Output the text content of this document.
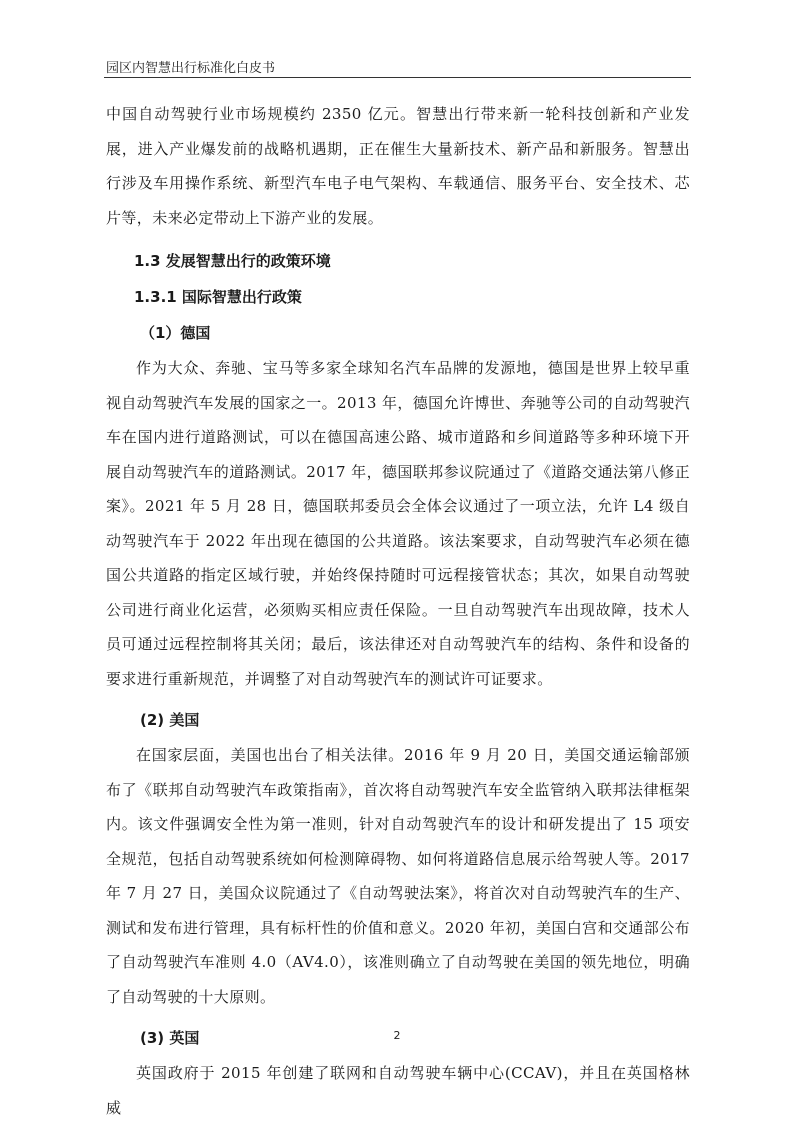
园区内智慧出行标准化白皮书

中国自动驾驶行业市场规模约 2350 亿元。智慧出行带来新一轮科技创新和产业发展，进入产业爆发前的战略机遇期，正在催生大量新技术、新产品和新服务。智慧出行涉及车用操作系统、新型汽车电子电气架构、车载通信、服务平台、安全技术、芯片等，未来必定带动上下游产业的发展。

1.3 发展智慧出行的政策环境
1.3.1 国际智慧出行政策
（1）德国

作为大众、奔驰、宝马等多家全球知名汽车品牌的发源地，德国是世界上较早重视自动驾驶汽车发展的国家之一。2013 年，德国允许博世、奔驰等公司的自动驾驶汽车在国内进行道路测试，可以在德国高速公路、城市道路和乡间道路等多种环境下开展自动驾驶汽车的道路测试。2017 年，德国联邦参议院通过了《道路交通法第八修正案》。2021 年 5 月 28 日，德国联邦委员会全体会议通过了一项立法，允许 L4 级自动驾驶汽车于 2022 年出现在德国的公共道路。该法案要求，自动驾驶汽车必须在德国公共道路的指定区域行驶，并始终保持随时可远程接管状态；其次，如果自动驾驶公司进行商业化运营，必须购买相应责任保险。一旦自动驾驶汽车出现故障，技术人员可通过远程控制将其关闭；最后，该法律还对自动驾驶汽车的结构、条件和设备的要求进行重新规范，并调整了对自动驾驶汽车的测试许可证要求。

(2) 美国

在国家层面，美国也出台了相关法律。2016 年 9 月 20 日，美国交通运输部颁布了《联邦自动驾驶汽车政策指南》，首次将自动驾驶汽车安全监管纳入联邦法律框架内。该文件强调安全性为第一准则，针对自动驾驶汽车的设计和研发提出了 15 项安全规范，包括自动驾驶系统如何检测障碍物、如何将道路信息展示给驾驶人等。2017 年 7 月 27 日，美国众议院通过了《自动驾驶法案》，将首次对自动驾驶汽车的生产、测试和发布进行管理，具有标杆性的价值和意义。2020 年初，美国白宫和交通部公布了自动驾驶汽车准则 4.0（AV4.0），该准则确立了自动驾驶在美国的领先地位，明确了自动驾驶的十大原则。

(3) 英国

英国政府于 2015 年创建了联网和自动驾驶车辆中心(CCAV)，并且在英国格林威

2
